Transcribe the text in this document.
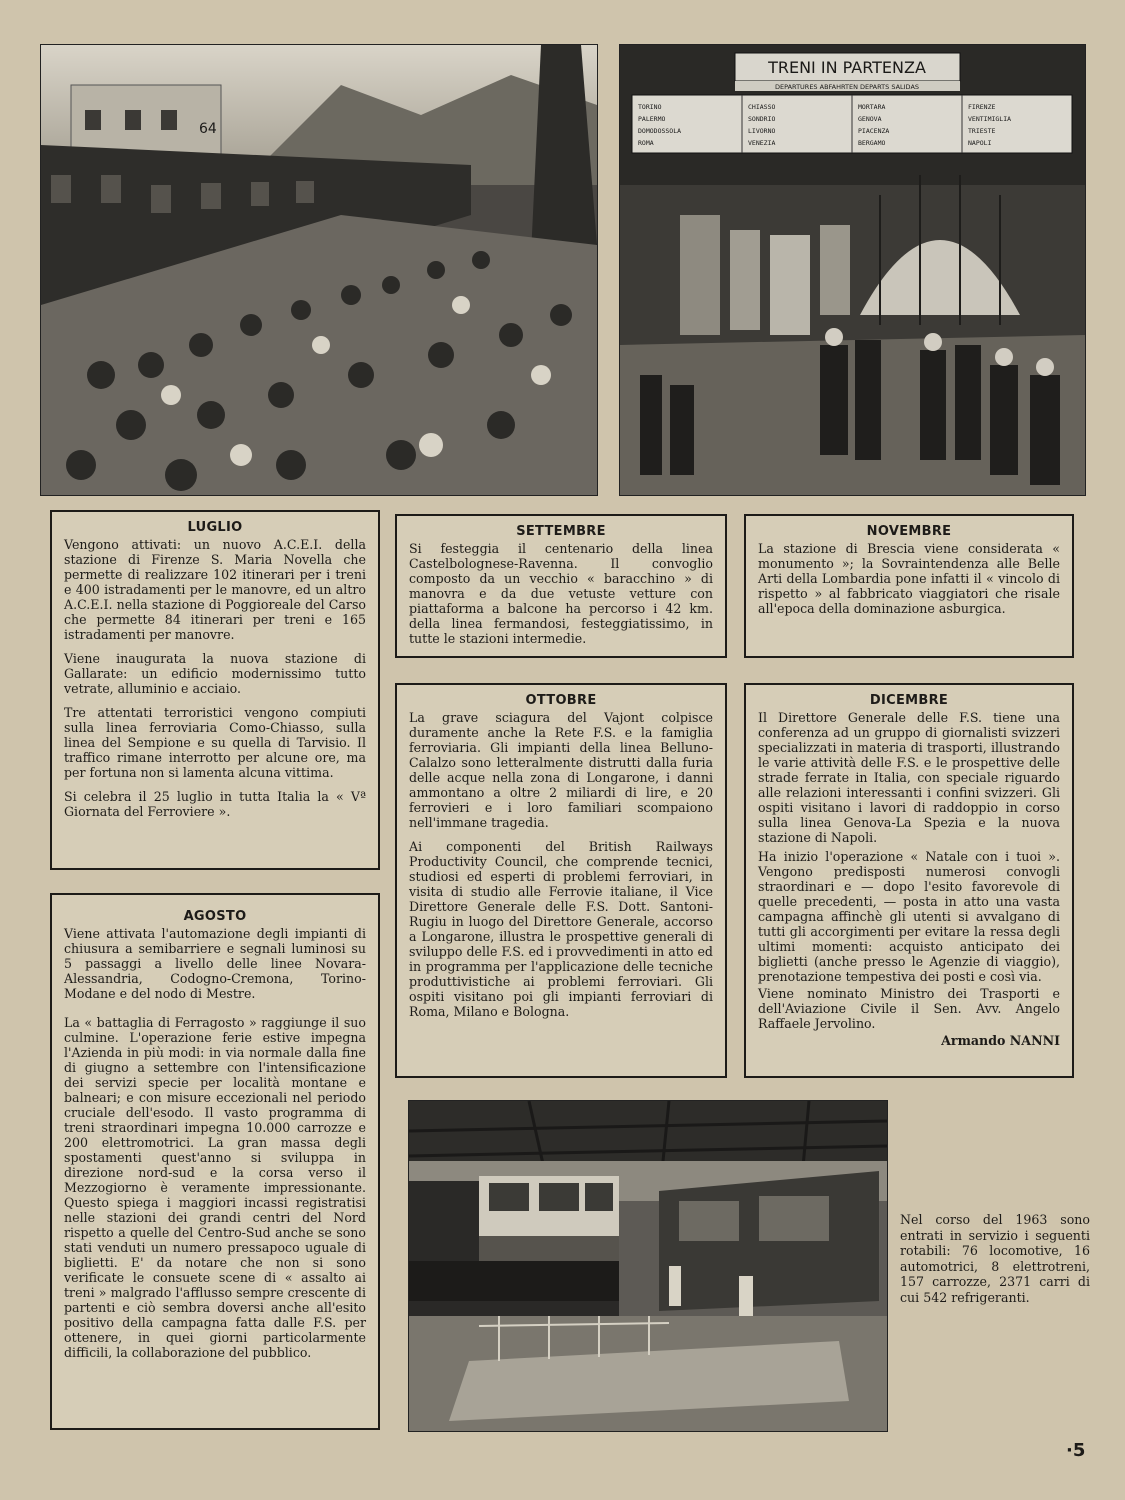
64
TRENI IN PARTENZA
DEPARTURES ABFAHRTEN DEPARTS SALIDAS
TORINO
PALERMO
DOMODOSSOLA
ROMA
CHIASSO
SONDRIO
LIVORNO
VENEZIA
MORTARA
GENOVA
PIACENZA
BERGAMO
FIRENZE
VENTIMIGLIA
TRIESTE
NAPOLI
LUGLIO

Vengono attivati: un nuovo A.C.E.I. della stazione di Firenze S. Maria Novella che permette di realizzare 102 itinerari per i treni e 400 istradamenti per le manovre, ed un altro A.C.E.I. nella stazione di Poggioreale del Carso che permette 84 itinerari per treni e 165 istradamenti per manovre.

Viene inaugurata la nuova stazione di Gallarate: un edificio modernissimo tutto vetrate, alluminio e acciaio.

Tre attentati terroristici vengono compiuti sulla linea ferroviaria Como-Chiasso, sulla linea del Sempione e su quella di Tarvisio. Il traffico rimane interrotto per alcune ore, ma per fortuna non si lamenta alcuna vittima.

Si celebra il 25 luglio in tutta Italia la « Vª Giornata del Ferroviere ».

SETTEMBRE

Si festeggia il centenario della linea Castelbolognese-Ravenna. Il convoglio composto da un vecchio « baracchino » di manovra e da due vetuste vetture con piattaforma a balcone ha percorso i 42 km. della linea fermandosi, festeggiatissimo, in tutte le stazioni intermedie.

NOVEMBRE

La stazione di Brescia viene considerata « monumento »; la Sovraintendenza alle Belle Arti della Lombardia pone infatti il « vincolo di rispetto » al fabbricato viaggiatori che risale all'epoca della dominazione asburgica.

OTTOBRE

La grave sciagura del Vajont colpisce duramente anche la Rete F.S. e la famiglia ferroviaria. Gli impianti della linea Belluno-Calalzo sono letteralmente distrutti dalla furia delle acque nella zona di Longarone, i danni ammontano a oltre 2 miliardi di lire, e 20 ferrovieri e i loro familiari scompaiono nell'immane tragedia.

Ai componenti del British Railways Productivity Council, che comprende tecnici, studiosi ed esperti di problemi ferroviari, in visita di studio alle Ferrovie italiane, il Vice Direttore Generale delle F.S. Dott. Santoni-Rugiu in luogo del Direttore Generale, accorso a Longarone, illustra le prospettive generali di sviluppo delle F.S. ed i provvedimenti in atto ed in programma per l'applicazione delle tecniche produttivistiche ai problemi ferroviari. Gli ospiti visitano poi gli impianti ferroviari di Roma, Milano e Bologna.

DICEMBRE

Il Direttore Generale delle F.S. tiene una conferenza ad un gruppo di giornalisti svizzeri specializzati in materia di trasporti, illustrando le varie attività delle F.S. e le prospettive delle strade ferrate in Italia, con speciale riguardo alle relazioni interessanti i confini svizzeri. Gli ospiti visitano i lavori di raddoppio in corso sulla linea Genova-La Spezia e la nuova stazione di Napoli.

Ha inizio l'operazione « Natale con i tuoi ». Vengono predisposti numerosi convogli straordinari e — dopo l'esito favorevole di quelle precedenti, — posta in atto una vasta campagna affinchè gli utenti si avvalgano di tutti gli accorgimenti per evitare la ressa degli ultimi momenti: acquisto anticipato dei biglietti (anche presso le Agenzie di viaggio), prenotazione tempestiva dei posti e così via.

Viene nominato Ministro dei Trasporti e dell'Aviazione Civile il Sen. Avv. Angelo Raffaele Jervolino.

Armando NANNI

AGOSTO

Viene attivata l'automazione degli impianti di chiusura a semibarriere e segnali luminosi su 5 passaggi a livello delle linee Novara-Alessandria, Codogno-Cremona, Torino-Modane e del nodo di Mestre.

La « battaglia di Ferragosto » raggiunge il suo culmine. L'operazione ferie estive impegna l'Azienda in più modi: in via normale dalla fine di giugno a settembre con l'intensificazione dei servizi specie per località montane e balneari; e con misure eccezionali nel periodo cruciale dell'esodo. Il vasto programma di treni straordinari impegna 10.000 carrozze e 200 elettromotrici. La gran massa degli spostamenti quest'anno si sviluppa in direzione nord-sud e la corsa verso il Mezzogiorno è veramente impressionante. Questo spiega i maggiori incassi registratisi nelle stazioni dei grandi centri del Nord rispetto a quelle del Centro-Sud anche se sono stati venduti un numero pressapoco uguale di biglietti. E' da notare che non si sono verificate le consuete scene di « assalto ai treni » malgrado l'afflusso sempre crescente di partenti e ciò sembra doversi anche all'esito positivo della campagna fatta dalle F.S. per ottenere, in quei giorni particolarmente difficili, la collaborazione del pubblico.

Nel corso del 1963 sono entrati in servizio i seguenti rotabili: 76 locomotive, 16 automotrici, 8 elettrotreni, 157 carrozze, 2371 carri di cui 542 refrigeranti.
·5
